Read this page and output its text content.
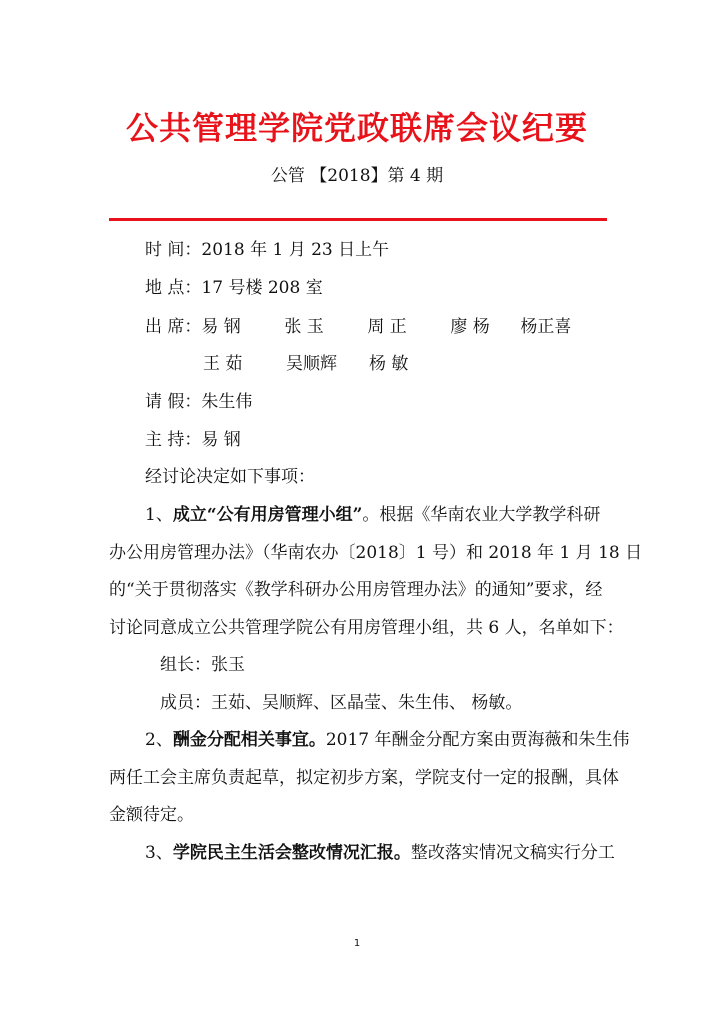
公共管理学院党政联席会议纪要
公管 【2018】第 4 期
时 间：2018 年 1 月 23 日上午
地 点：17 号楼 208 室
出 席：易 钢	张 玉	周 正	廖 杨 杨正喜
王 茹	吴顺辉 杨 敏
请 假：朱生伟
主 持：易 钢
经讨论决定如下事项：
1、成立“公有用房管理小组”。根据《华南农业大学教学科研
办公用房管理办法》（华南农办〔2018〕1 号）和 2018 年 1 月 18 日
的“关于贯彻落实《教学科研办公用房管理办法》的通知”要求，经
讨论同意成立公共管理学院公有用房管理小组，共 6 人，名单如下：
组长：张玉
成员：王茹、吴顺辉、区晶莹、朱生伟、 杨敏。
2、酬金分配相关事宜。2017 年酬金分配方案由贾海薇和朱生伟
两任工会主席负责起草，拟定初步方案，学院支付一定的报酬，具体
金额待定。
3、学院民主生活会整改情况汇报。整改落实情况文稿实行分工
1
